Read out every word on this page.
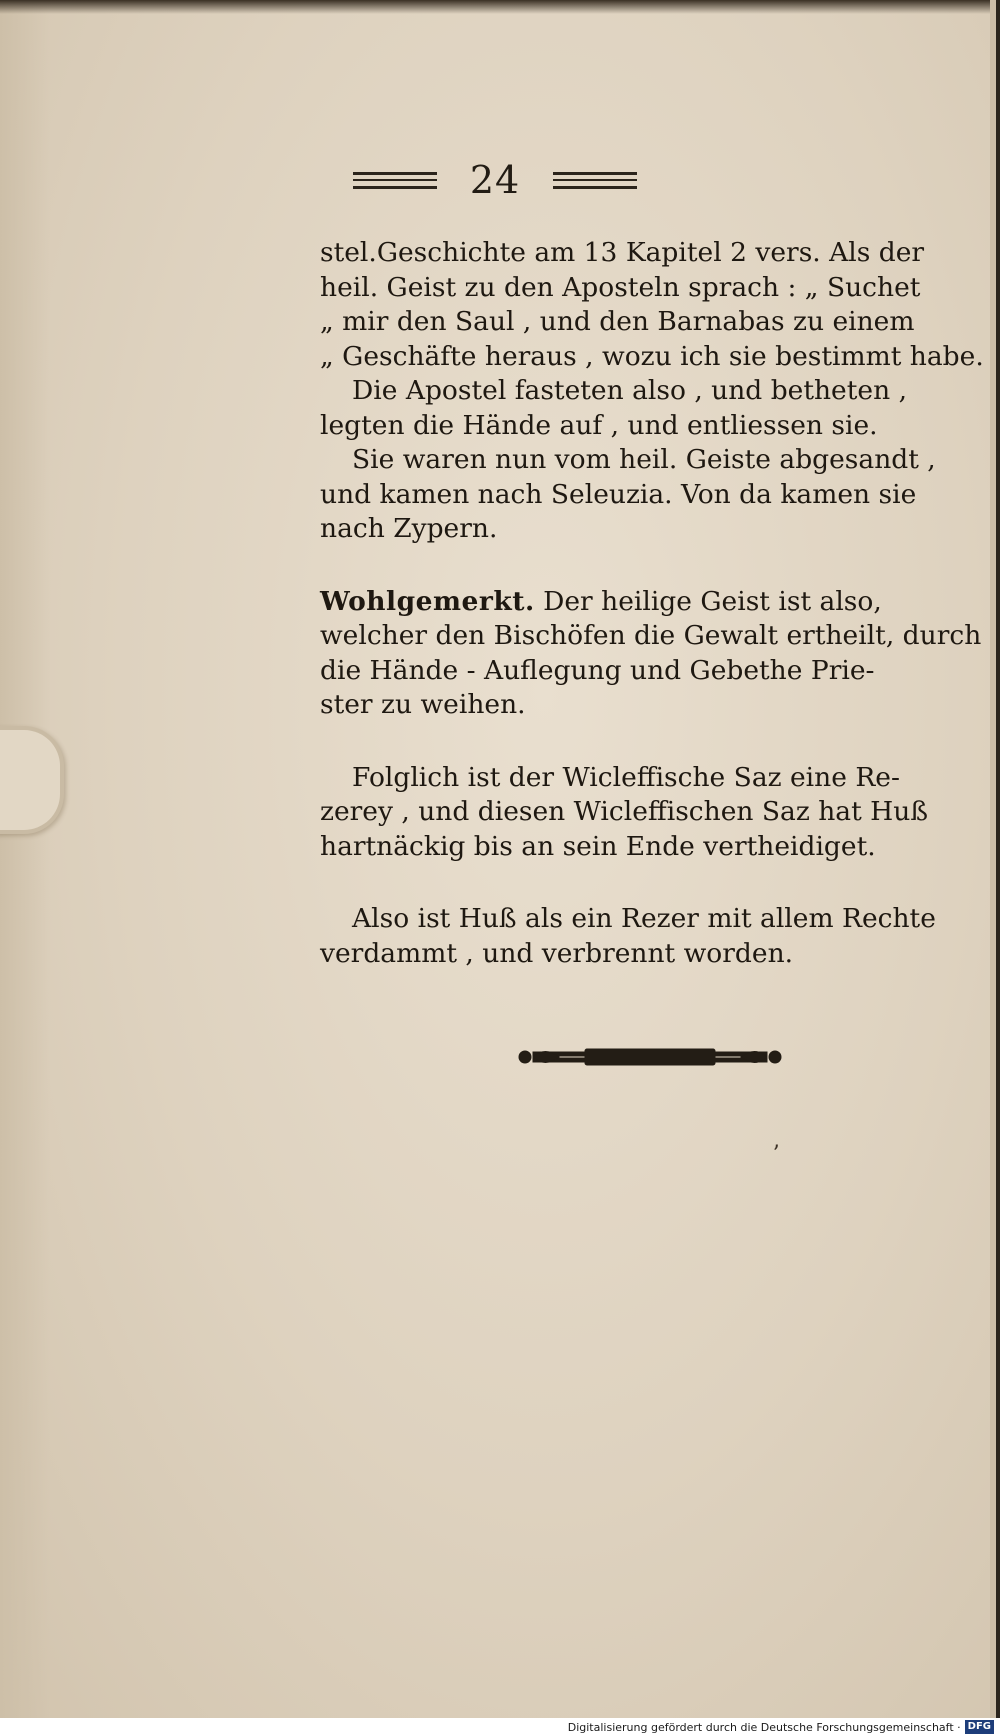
24

stel.Geschichte am 13 Kapitel 2 vers. Als der
heil. Geist zu den Aposteln sprach : „ Suchet
„ mir den Saul , und den Barnabas zu einem
„ Geschäfte heraus , wozu ich sie bestimmt habe.
Die Apostel fasteten also , und betheten ,
legten die Hände auf , und entliessen sie.
Sie waren nun vom heil. Geiste abgesandt ,
und kamen nach Seleuzia. Von da kamen sie
nach Zypern.

Wohlgemerkt. Der heilige Geist ist also,
welcher den Bischöfen die Gewalt ertheilt, durch
die Hände - Auflegung und Gebethe Prie-
ster zu weihen.

Folglich ist der Wicleffische Saz eine Re-
zerey , und diesen Wicleffischen Saz hat Huß
hartnäckig bis an sein Ende vertheidiget.

Also ist Huß als ein Rezer mit allem Rechte
verdammt , und verbrennt worden.

ʼ
Digitalisierung gefördert durch die Deutsche Forschungsgemeinschaft · DFG
